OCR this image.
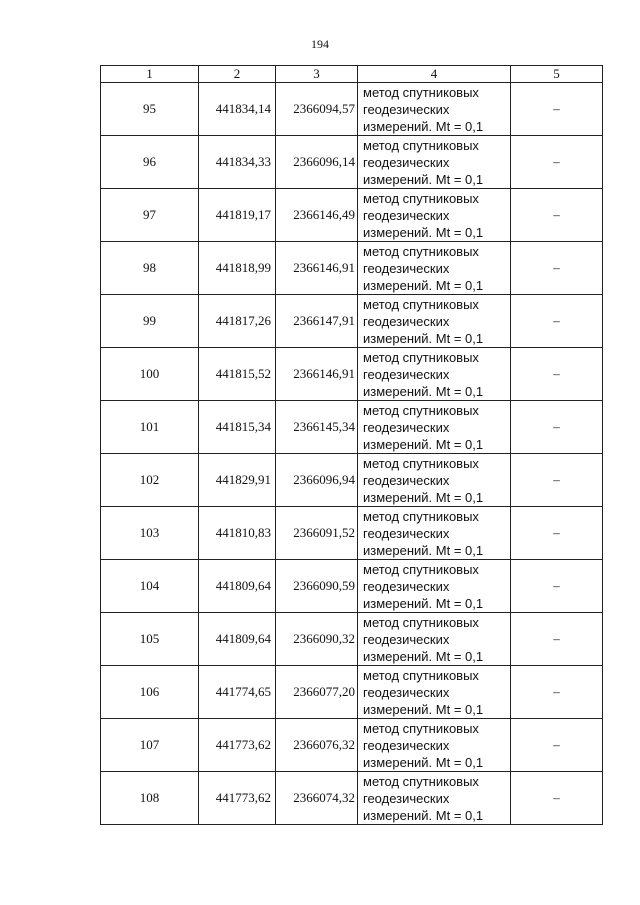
194
1	2	3	4	5
95	441834,14	2366094,57	метод спутниковых
геодезических
измерений. Mt = 0,1	–
96	441834,33	2366096,14	метод спутниковых
геодезических
измерений. Mt = 0,1	–
97	441819,17	2366146,49	метод спутниковых
геодезических
измерений. Mt = 0,1	–
98	441818,99	2366146,91	метод спутниковых
геодезических
измерений. Mt = 0,1	–
99	441817,26	2366147,91	метод спутниковых
геодезических
измерений. Mt = 0,1	–
100	441815,52	2366146,91	метод спутниковых
геодезических
измерений. Mt = 0,1	–
101	441815,34	2366145,34	метод спутниковых
геодезических
измерений. Mt = 0,1	–
102	441829,91	2366096,94	метод спутниковых
геодезических
измерений. Mt = 0,1	–
103	441810,83	2366091,52	метод спутниковых
геодезических
измерений. Mt = 0,1	–
104	441809,64	2366090,59	метод спутниковых
геодезических
измерений. Mt = 0,1	–
105	441809,64	2366090,32	метод спутниковых
геодезических
измерений. Mt = 0,1	–
106	441774,65	2366077,20	метод спутниковых
геодезических
измерений. Mt = 0,1	–
107	441773,62	2366076,32	метод спутниковых
геодезических
измерений. Mt = 0,1	–
108	441773,62	2366074,32	метод спутниковых
геодезических
измерений. Mt = 0,1	–
